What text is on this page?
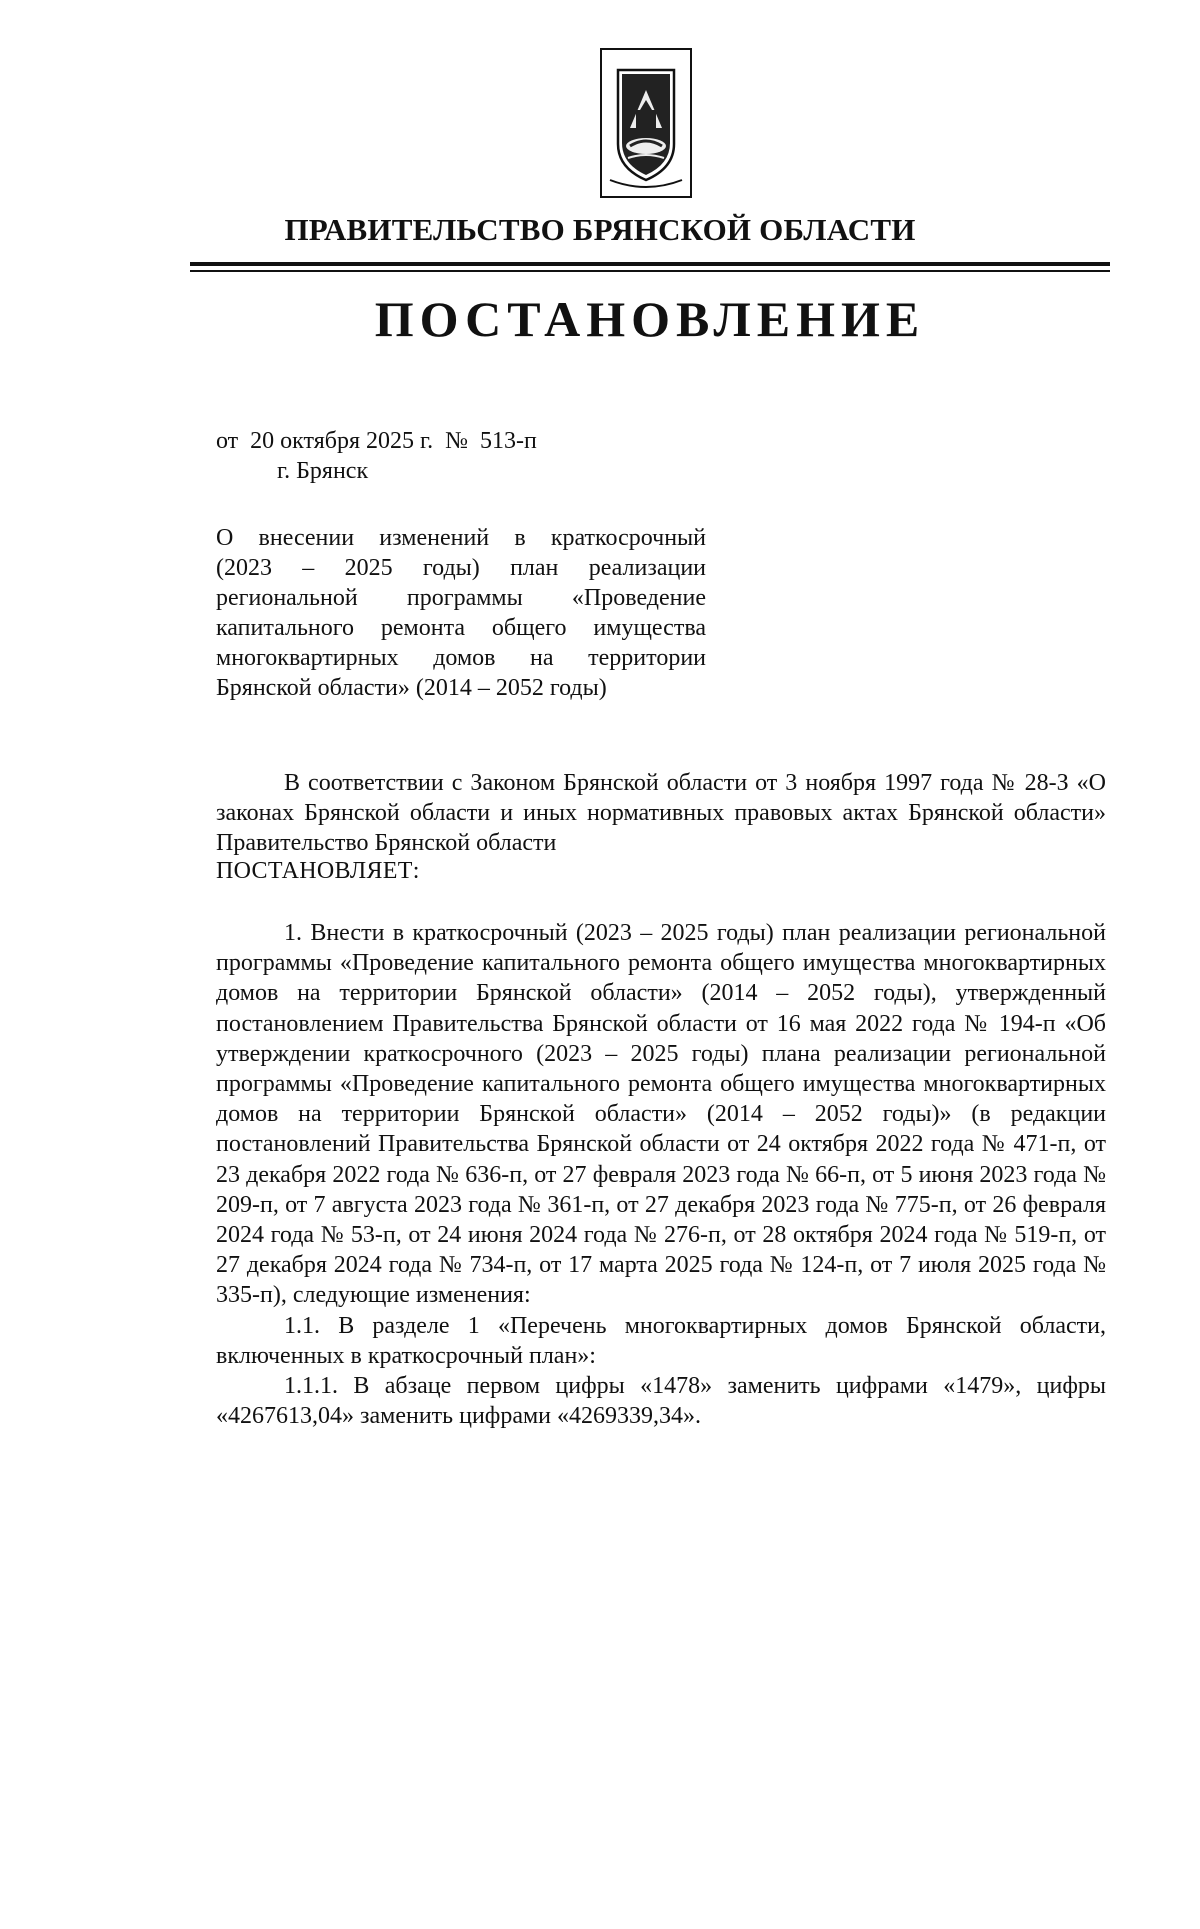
ПРАВИТЕЛЬСТВО БРЯНСКОЙ ОБЛАСТИ
ПОСТАНОВЛЕНИЕ
от  20 октября 2025 г.  №  513-п
г. Брянск
О внесении изменений в краткосрочный
(2023 – 2025 годы) план реализации
региональной программы «Проведение
капитального ремонта общего имущества
многоквартирных домов на территории
Брянской области» (2014 – 2052 годы)

В соответствии с Законом Брянской области от 3 ноября 1997 года № 28-З «О законах Брянской области и иных нормативных правовых актах Брянской области» Правительство Брянской области

ПОСТАНОВЛЯЕТ:

1. Внести в краткосрочный (2023 – 2025 годы) план реализации региональной программы «Проведение капитального ремонта общего имущества многоквартирных домов на территории Брянской области» (2014 – 2052 годы), утвержденный постановлением Правительства Брянской области от 16 мая 2022 года № 194-п «Об утверждении краткосрочного (2023 – 2025 годы) плана реализации региональной программы «Проведение капитального ремонта общего имущества многоквартирных домов на территории Брянской области» (2014 – 2052 годы)» (в редакции постановлений Правительства Брянской области от 24 октября 2022 года № 471-п, от 23 декабря 2022 года № 636-п, от 27 февраля 2023 года № 66-п, от 5 июня 2023 года № 209-п, от 7 августа 2023 года № 361-п, от 27 декабря 2023 года № 775-п, от 26 февраля 2024 года № 53-п, от 24 июня 2024 года № 276-п, от 28 октября 2024 года № 519-п, от 27 декабря 2024 года № 734-п, от 17 марта 2025 года № 124-п, от 7 июля 2025 года № 335-п), следующие изменения:

1.1. В разделе 1 «Перечень многоквартирных домов Брянской области, включенных в краткосрочный план»:

1.1.1. В абзаце первом цифры «1478» заменить цифрами «1479», цифры «4267613,04» заменить цифрами «4269339,34».
